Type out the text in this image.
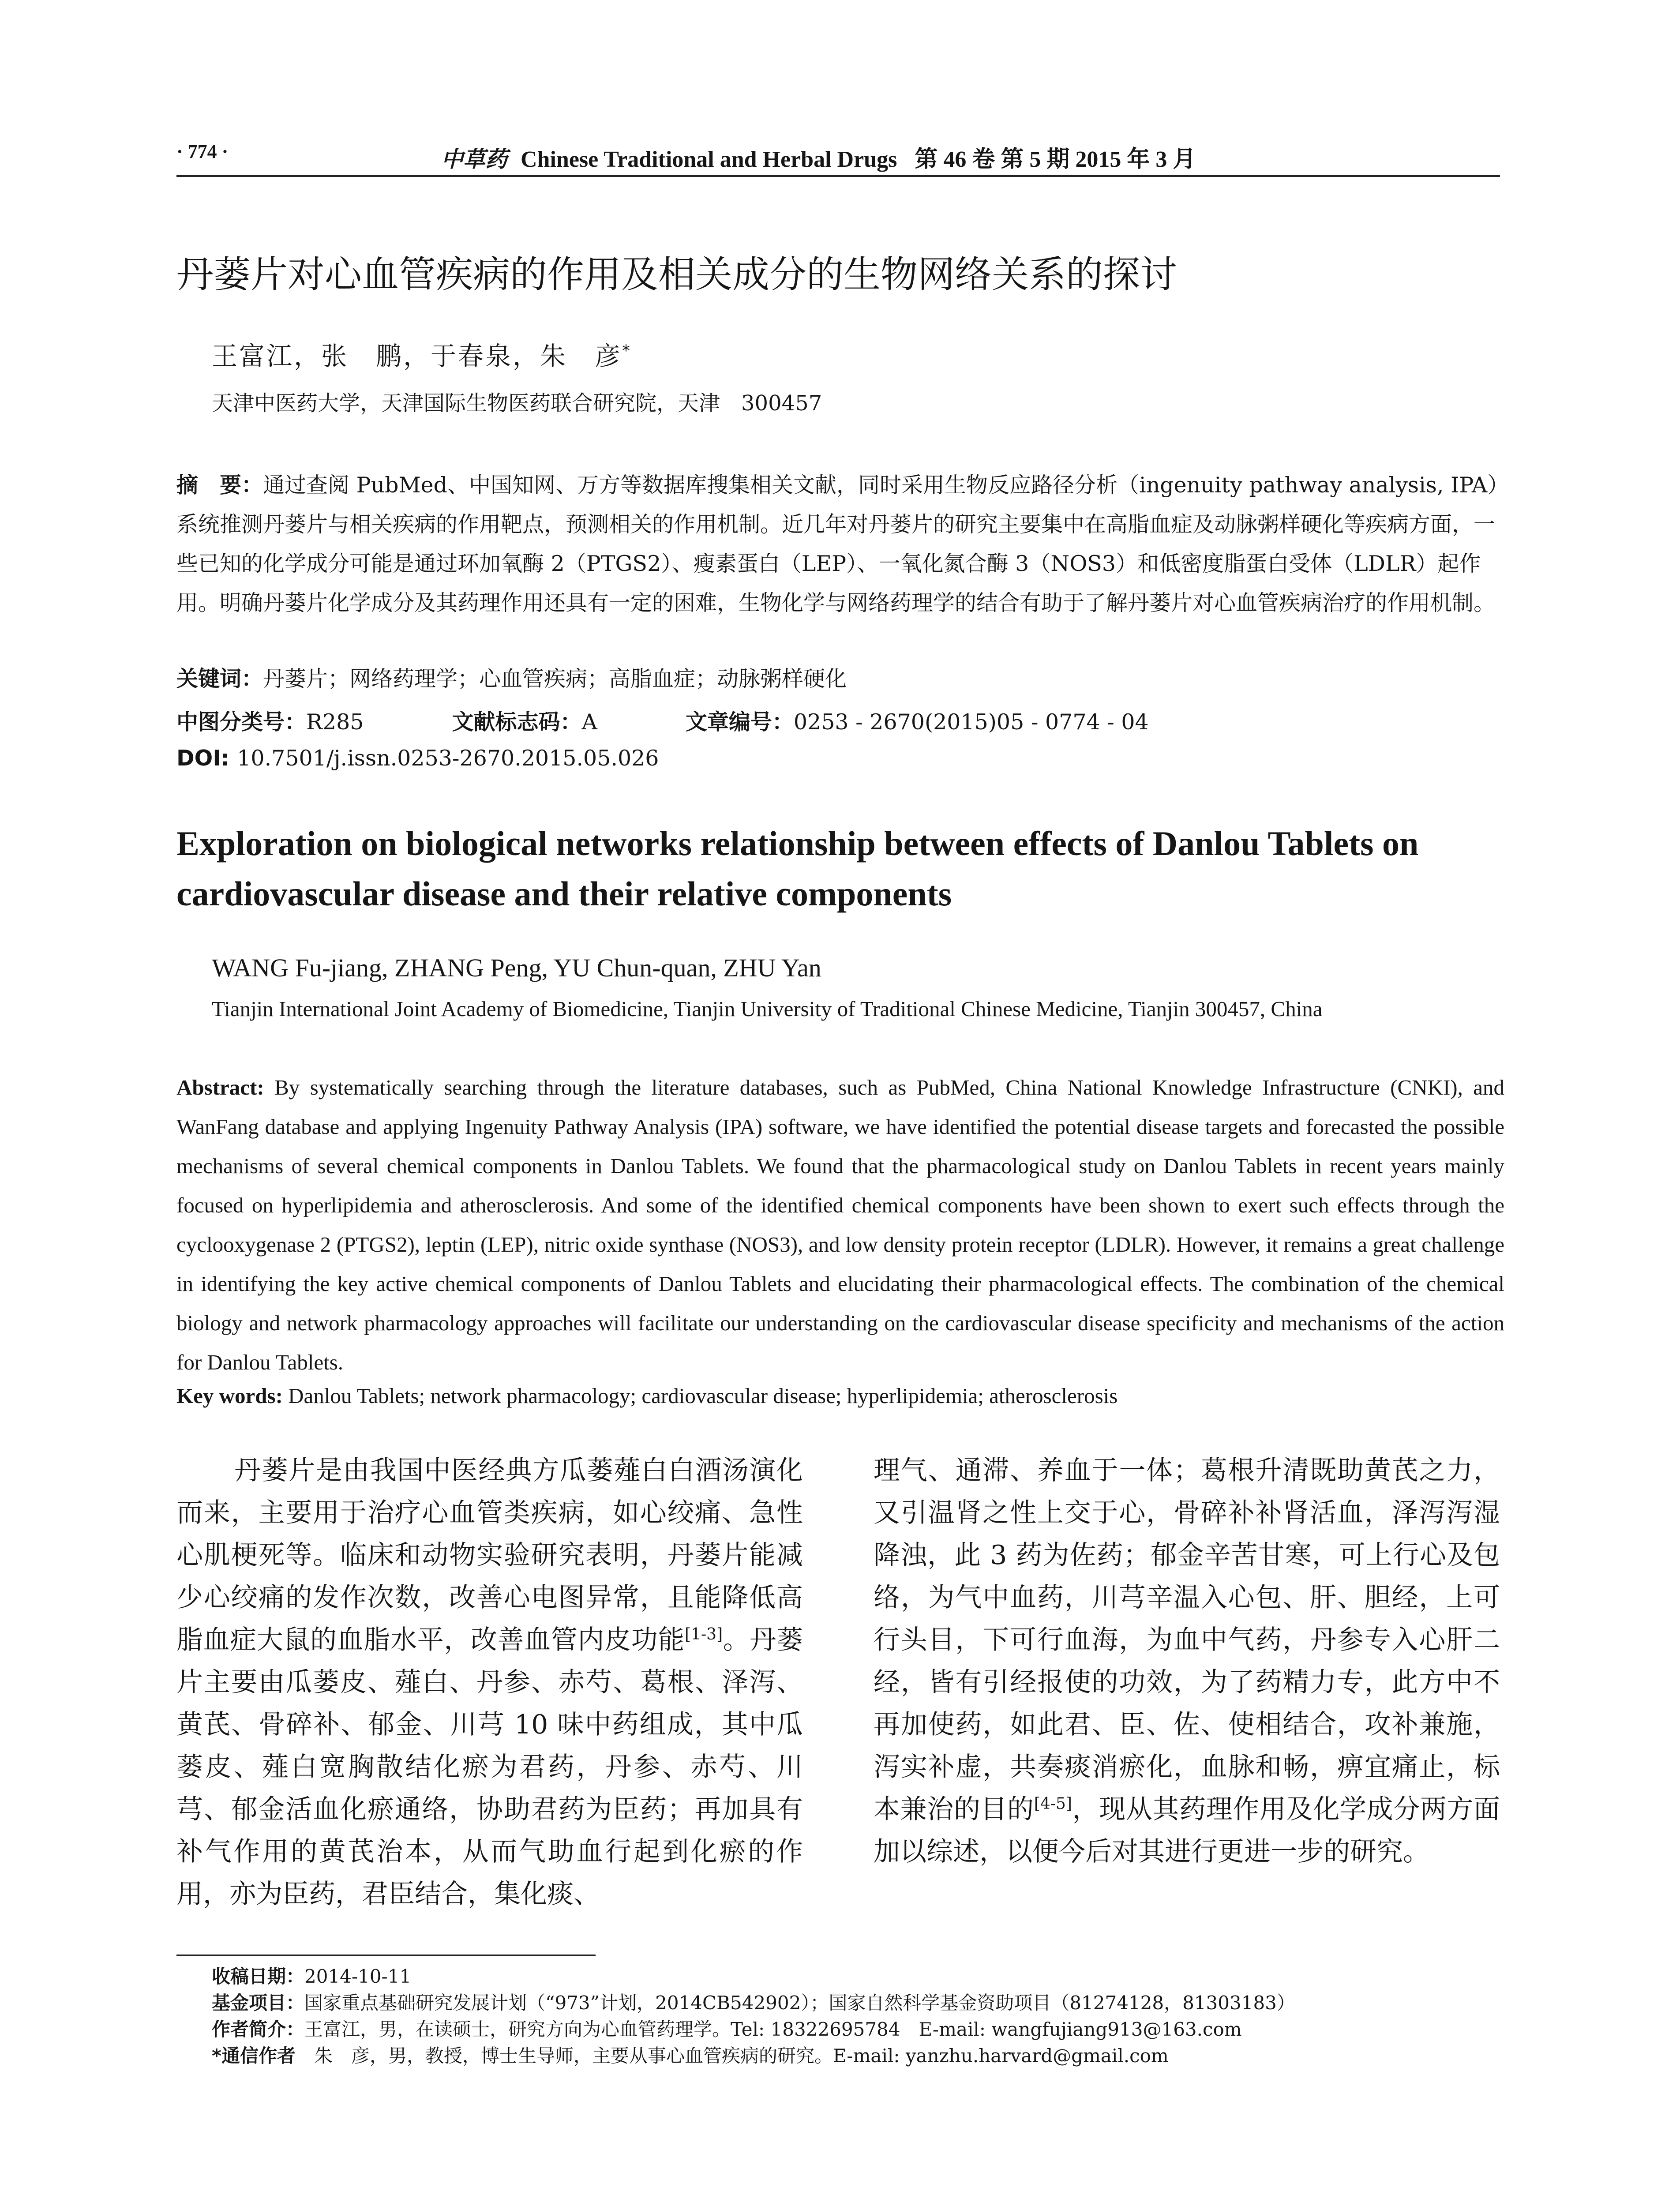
· 774 ·	中草药 Chinese Traditional and Herbal Drugs 第 46 卷 第 5 期 2015 年 3 月
丹蒌片对心血管疾病的作用及相关成分的生物网络关系的探讨
王富江，张　鹏，于春泉，朱　彦*
天津中医药大学，天津国际生物医药联合研究院，天津　300457
摘　要：通过查阅 PubMed、中国知网、万方等数据库搜集相关文献，同时采用生物反应路径分析（ingenuity pathway analysis, IPA）系统推测丹蒌片与相关疾病的作用靶点，预测相关的作用机制。近几年对丹蒌片的研究主要集中在高脂血症及动脉粥样硬化等疾病方面，一些已知的化学成分可能是通过环加氧酶 2（PTGS2）、瘦素蛋白（LEP）、一氧化氮合酶 3（NOS3）和低密度脂蛋白受体（LDLR）起作用。明确丹蒌片化学成分及其药理作用还具有一定的困难，生物化学与网络药理学的结合有助于了解丹蒌片对心血管疾病治疗的作用机制。
关键词：丹蒌片；网络药理学；心血管疾病；高脂血症；动脉粥样硬化
中图分类号：R285	文献标志码：A	文章编号：0253 - 2670(2015)05 - 0774 - 04
DOI: 10.7501/j.issn.0253-2670.2015.05.026
Exploration on biological networks relationship between effects of Danlou Tablets on cardiovascular disease and their relative components
WANG Fu-jiang, ZHANG Peng, YU Chun-quan, ZHU Yan
Tianjin International Joint Academy of Biomedicine, Tianjin University of Traditional Chinese Medicine, Tianjin 300457, China
Abstract: By systematically searching through the literature databases, such as PubMed, China National Knowledge Infrastructure (CNKI), and WanFang database and applying Ingenuity Pathway Analysis (IPA) software, we have identified the potential disease targets and forecasted the possible mechanisms of several chemical components in Danlou Tablets. We found that the pharmacological study on Danlou Tablets in recent years mainly focused on hyperlipidemia and atherosclerosis. And some of the identified chemical components have been shown to exert such effects through the cyclooxygenase 2 (PTGS2), leptin (LEP), nitric oxide synthase (NOS3), and low density protein receptor (LDLR). However, it remains a great challenge in identifying the key active chemical components of Danlou Tablets and elucidating their pharmacological effects. The combination of the chemical biology and network pharmacology approaches will facilitate our understanding on the cardiovascular disease specificity and mechanisms of the action for Danlou Tablets.
Key words: Danlou Tablets; network pharmacology; cardiovascular disease; hyperlipidemia; atherosclerosis
丹蒌片是由我国中医经典方瓜蒌薤白白酒汤演化而来，主要用于治疗心血管类疾病，如心绞痛、急性心肌梗死等。临床和动物实验研究表明，丹蒌片能减少心绞痛的发作次数，改善心电图异常，且能降低高脂血症大鼠的血脂水平，改善血管内皮功能[1-3]。丹蒌片主要由瓜蒌皮、薤白、丹参、赤芍、葛根、泽泻、黄芪、骨碎补、郁金、川芎 10 味中药组成，其中瓜蒌皮、薤白宽胸散结化瘀为君药，丹参、赤芍、川芎、郁金活血化瘀通络，协助君药为臣药；再加具有补气作用的黄芪治本，从而气助血行起到化瘀的作用，亦为臣药，君臣结合，集化痰、
理气、通滞、养血于一体；葛根升清既助黄芪之力，又引温肾之性上交于心，骨碎补补肾活血，泽泻泻湿降浊，此 3 药为佐药；郁金辛苦甘寒，可上行心及包络，为气中血药，川芎辛温入心包、肝、胆经，上可行头目，下可行血海，为血中气药，丹参专入心肝二经，皆有引经报使的功效，为了药精力专，此方中不再加使药，如此君、臣、佐、使相结合，攻补兼施，泻实补虚，共奏痰消瘀化，血脉和畅，痹宜痛止，标本兼治的目的[4-5]，现从其药理作用及化学成分两方面加以综述，以便今后对其进行更进一步的研究。
收稿日期：2014-10-11
基金项目：国家重点基础研究发展计划（“973”计划，2014CB542902）；国家自然科学基金资助项目（81274128，81303183）
作者简介：王富江，男，在读硕士，研究方向为心血管药理学。Tel: 18322695784　E-mail: wangfujiang913@163.com
*通信作者　朱　彦，男，教授，博士生导师，主要从事心血管疾病的研究。E-mail: yanzhu.harvard@gmail.com
